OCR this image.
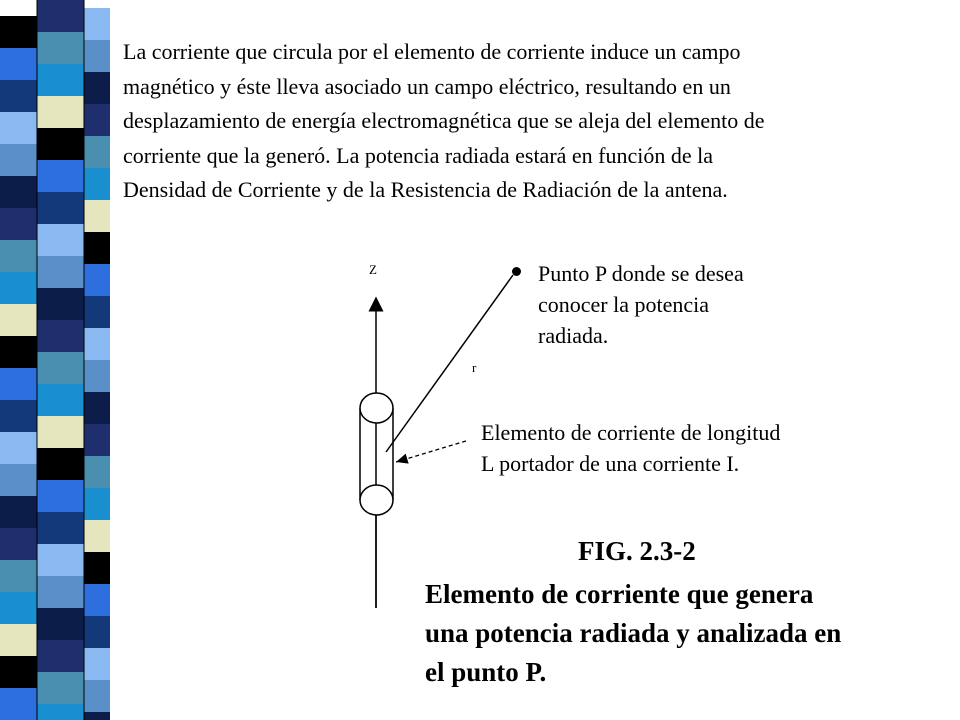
La corriente que circula por el elemento de corriente induce un campo
magnético y éste lleva asociado un campo eléctrico, resultando en un
desplazamiento de energía electromagnética que se aleja del elemento de
corriente que la generó. La potencia radiada estará en función de la
Densidad de Corriente y de la Resistencia de Radiación de la antena.
Z
r
Punto P donde se desea
conocer la potencia
radiada.
Elemento de corriente de longitud
L portador de una corriente I.
FIG. 2.3-2
Elemento de corriente que genera
una potencia radiada y analizada en
el punto P.
